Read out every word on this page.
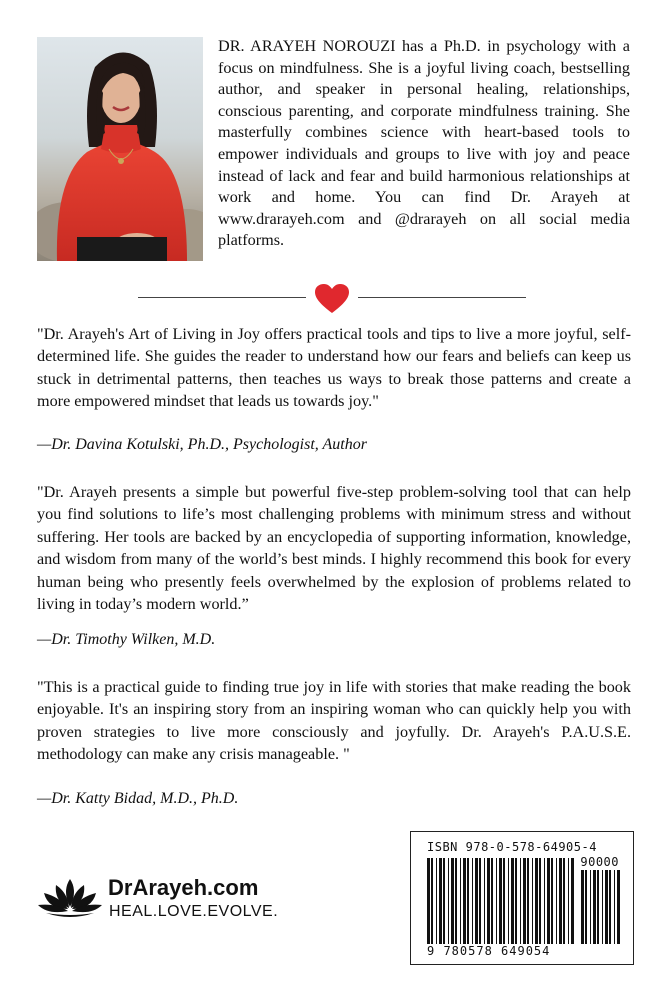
DR. ARAYEH NOROUZI has a Ph.D. in psychology with a focus on mindfulness. She is a joyful living coach, bestselling author, and speaker in personal healing, relationships, conscious parenting, and corporate mindfulness training. She masterfully combines science with heart-based tools to empower individuals and groups to live with joy and peace instead of lack and fear and build harmonious relationships at work and home. You can find Dr. Arayeh at www.drarayeh.com and @drarayeh on all social media platforms.
"Dr. Arayeh's Art of Living in Joy offers practical tools and tips to live a more joyful, self-determined life. She guides the reader to understand how our fears and beliefs can keep us stuck in detrimental patterns, then teaches us ways to break those patterns and create a more empowered mindset that leads us towards joy."
—Dr. Davina Kotulski, Ph.D., Psychologist, Author
"Dr. Arayeh presents a simple but powerful five-step problem-solving tool that can help you find solutions to life’s most challenging problems with minimum stress and without suffering. Her tools are backed by an encyclopedia of supporting information, knowledge, and wisdom from many of the world’s best minds. I highly recommend this book for every human being who presently feels overwhelmed by the explosion of problems related to living in today’s modern world.”
—Dr. Timothy Wilken, M.D.
"This is a practical guide to finding true joy in life with stories that make reading the book enjoyable. It's an inspiring story from an inspiring woman who can quickly help you with proven strategies to live more consciously and joyfully. Dr. Arayeh's P.A.U.S.E. methodology can make any crisis manageable. "
—Dr. Katty Bidad, M.D., Ph.D.
DrArayeh.com
HEAL.LOVE.EVOLVE.
ISBN 978-0-578-64905-4
90000
9 780578 649054
